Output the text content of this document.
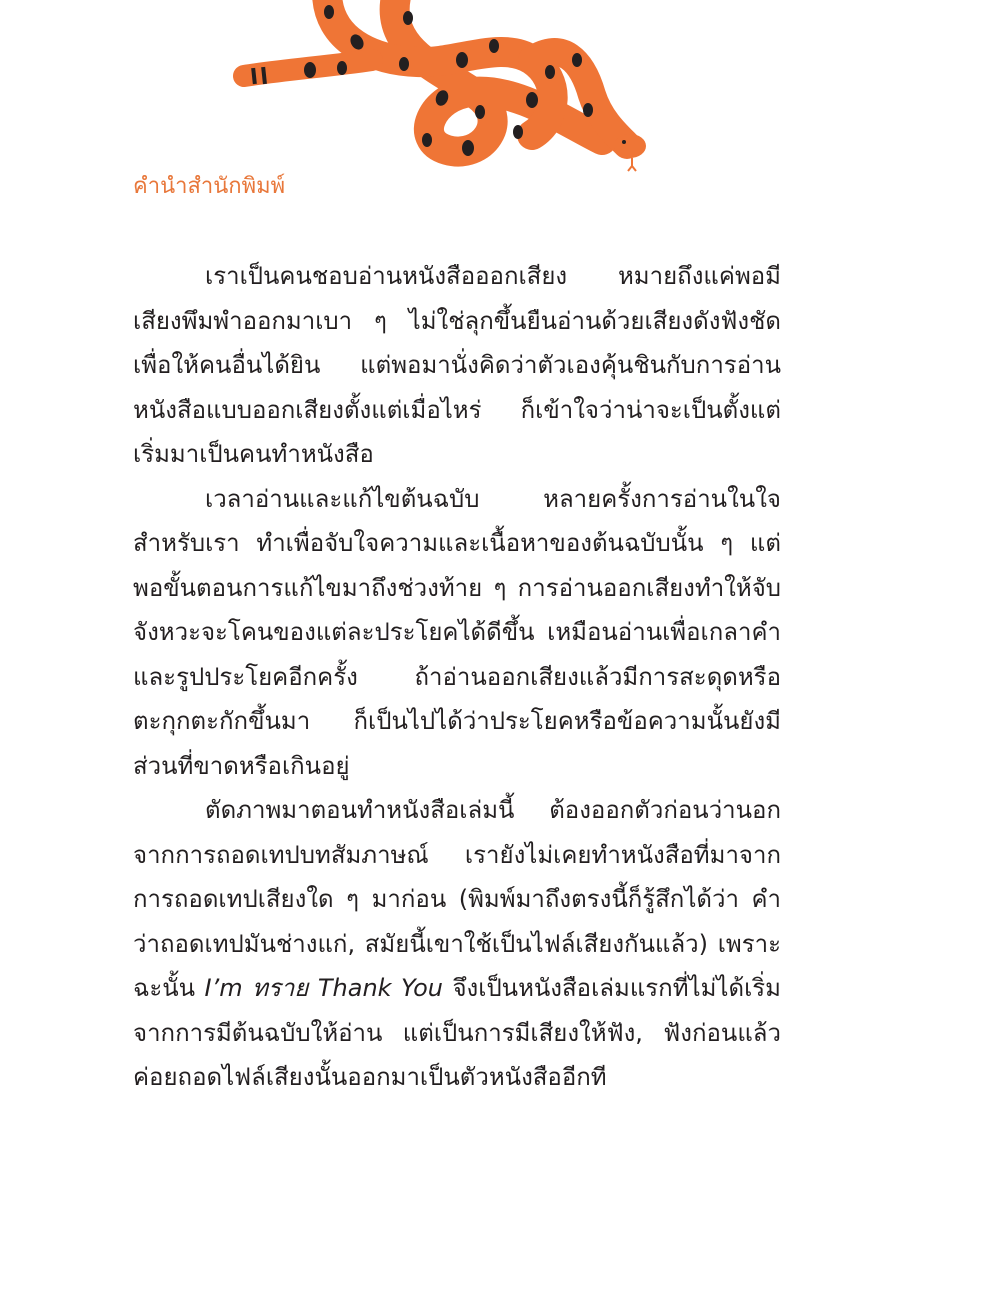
คำนำสำนักพิมพ์

เราเป็นคนชอบอ่านหนังสือออกเสียง หมายถึงแค่พอมีเสียงพึมพำออกมาเบา ๆ ไม่ใช่ลุกขึ้นยืนอ่านด้วยเสียงดังฟังชัดเพื่อให้คนอื่นได้ยิน แต่พอมานั่งคิดว่าตัวเองคุ้นชินกับการอ่านหนังสือแบบออกเสียงตั้งแต่เมื่อไหร่ ก็เข้าใจว่าน่าจะเป็นตั้งแต่เริ่มมาเป็นคนทำหนังสือ

เวลาอ่านและแก้ไขต้นฉบับ หลายครั้งการอ่านในใจสำหรับเรา ทำเพื่อจับใจความและเนื้อหาของต้นฉบับนั้น ๆ แต่พอขั้นตอนการแก้ไขมาถึงช่วงท้าย ๆ การอ่านออกเสียงทำให้จับจังหวะจะโคนของแต่ละประโยคได้ดีขึ้น เหมือนอ่านเพื่อเกลาคำและรูปประโยคอีกครั้ง ถ้าอ่านออกเสียงแล้วมีการสะดุดหรือตะกุกตะกักขึ้นมา ก็เป็นไปได้ว่าประโยคหรือข้อความนั้นยังมีส่วนที่ขาดหรือเกินอยู่

ตัดภาพมาตอนทำหนังสือเล่มนี้ ต้องออกตัวก่อนว่านอกจากการถอดเทปบทสัมภาษณ์ เรายังไม่เคยทำหนังสือที่มาจากการถอดเทปเสียงใด ๆ มาก่อน (พิมพ์มาถึงตรงนี้ก็รู้สึกได้ว่า คำว่าถอดเทปมันช่างแก่, สมัยนี้เขาใช้เป็นไฟล์เสียงกันแล้ว) เพราะฉะนั้น I’m ทราย Thank You จึงเป็นหนังสือเล่มแรกที่ไม่ได้เริ่มจากการมีต้นฉบับให้อ่าน แต่เป็นการมีเสียงให้ฟัง, ฟังก่อนแล้วค่อยถอดไฟล์เสียงนั้นออกมาเป็นตัวหนังสืออีกที
